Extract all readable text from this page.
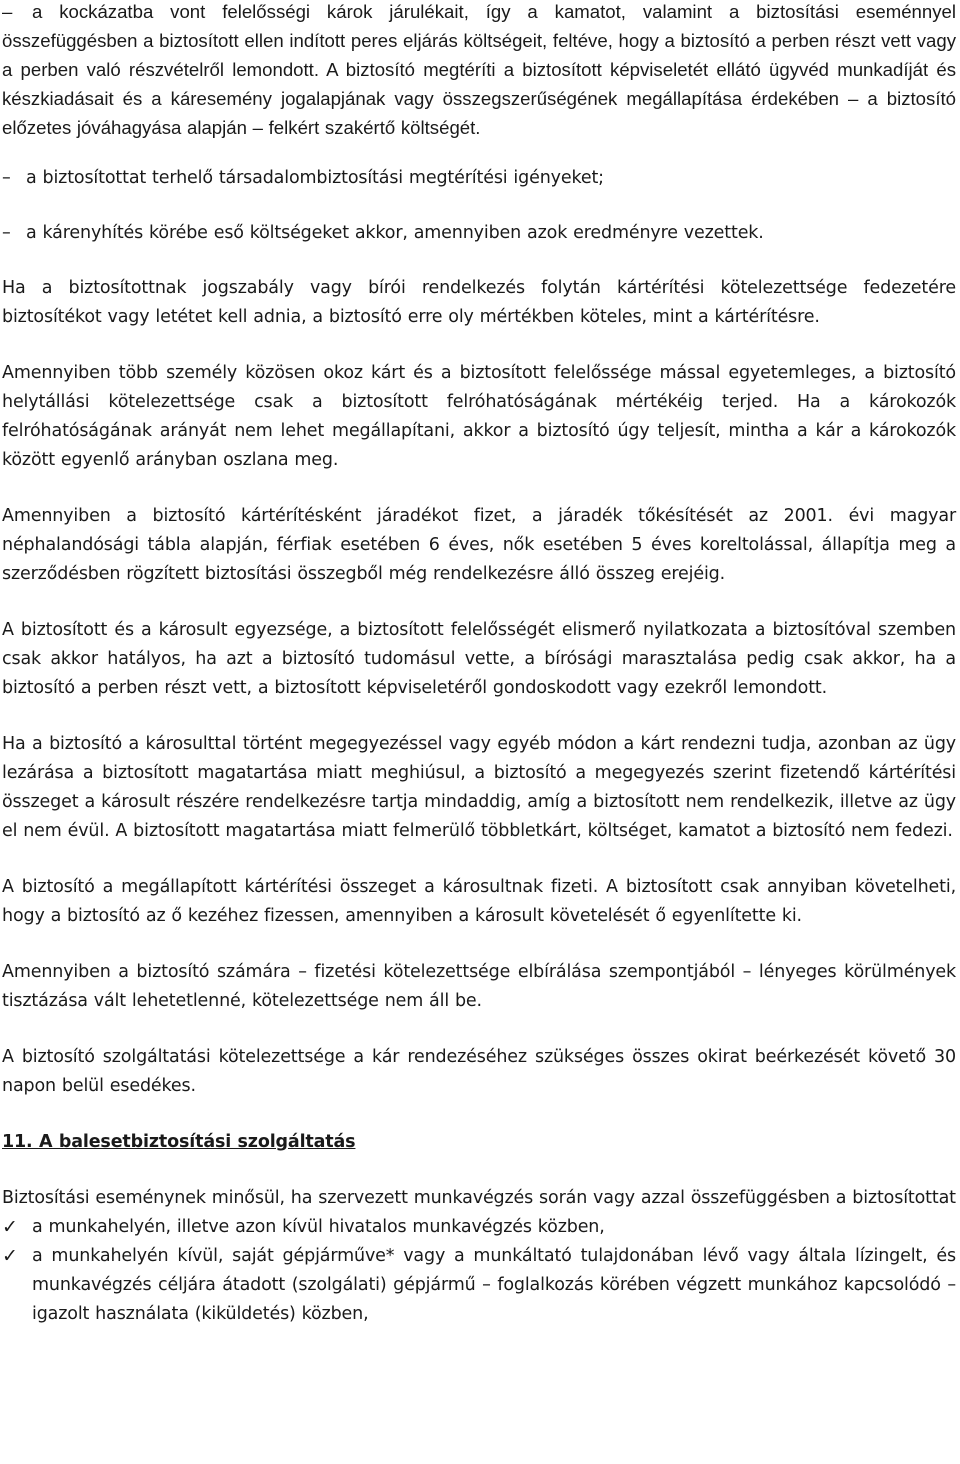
– a kockázatba vont felelősségi károk járulékait, így a kamatot, valamint a biztosítási eseménnyel összefüggésben a biztosított ellen indított peres eljárás költségeit, feltéve, hogy a biztosító a perben részt vett vagy a perben való részvételről lemondott. A biztosító megtéríti a biztosított képviseletét ellátó ügyvéd munkadíját és készkiadásait és a káresemény jogalapjának vagy összegszerűségének megállapítása érdekében – a biztosító előzetes jóváhagyása alapján – felkért szakértő költségét.

– a biztosítottat terhelő társadalombiztosítási megtérítési igényeket;

– a kárenyhítés körébe eső költségeket akkor, amennyiben azok eredményre vezettek.

Ha a biztosítottnak jogszabály vagy bírói rendelkezés folytán kártérítési kötelezettsége fedezetére biztosítékot vagy letétet kell adnia, a biztosító erre oly mértékben köteles, mint a kártérítésre.

Amennyiben több személy közösen okoz kárt és a biztosított felelőssége mással egyetemleges, a biztosító helytállási kötelezettsége csak a biztosított felróhatóságának mértékéig terjed. Ha a károkozók felróhatóságának arányát nem lehet megállapítani, akkor a biztosító úgy teljesít, mintha a kár a károkozók között egyenlő arányban oszlana meg.

Amennyiben a biztosító kártérítésként járadékot fizet, a járadék tőkésítését az 2001. évi magyar néphalandósági tábla alapján, férfiak esetében 6 éves, nők esetében 5 éves koreltolással, állapítja meg a szerződésben rögzített biztosítási összegből még rendelkezésre álló összeg erejéig.

A biztosított és a károsult egyezsége, a biztosított felelősségét elismerő nyilatkozata a biztosítóval szemben csak akkor hatályos, ha azt a biztosító tudomásul vette, a bírósági marasztalása pedig csak akkor, ha a biztosító a perben részt vett, a biztosított képviseletéről gondoskodott vagy ezekről lemondott.

Ha a biztosító a károsulttal történt megegyezéssel vagy egyéb módon a kárt rendezni tudja, azonban az ügy lezárása a biztosított magatartása miatt meghiúsul, a biztosító a megegyezés szerint fizetendő kártérítési összeget a károsult részére rendelkezésre tartja mindaddig, amíg a biztosított nem rendelkezik, illetve az ügy el nem évül. A biztosított magatartása miatt felmerülő többletkárt, költséget, kamatot a biztosító nem fedezi.

A biztosító a megállapított kártérítési összeget a károsultnak fizeti. A biztosított csak annyiban követelheti, hogy a biztosító az ő kezéhez fizessen, amennyiben a károsult követelését ő egyenlítette ki.

Amennyiben a biztosító számára – fizetési kötelezettsége elbírálása szempontjából – lényeges körülmények tisztázása vált lehetetlenné, kötelezettsége nem áll be.

A biztosító szolgáltatási kötelezettsége a kár rendezéséhez szükséges összes okirat beérkezését követő 30 napon belül esedékes.

11. A balesetbiztosítási szolgáltatás

Biztosítási eseménynek minősül, ha szervezett munkavégzés során vagy azzal összefüggésben a biztosítottat

✓ a munkahelyén, illetve azon kívül hivatalos munkavégzés közben,

✓ a munkahelyén kívül, saját gépjárműve* vagy a munkáltató tulajdonában lévő vagy általa lízingelt, és munkavégzés céljára átadott (szolgálati) gépjármű – foglalkozás körében végzett munkához kapcsolódó – igazolt használata (kiküldetés) közben,
